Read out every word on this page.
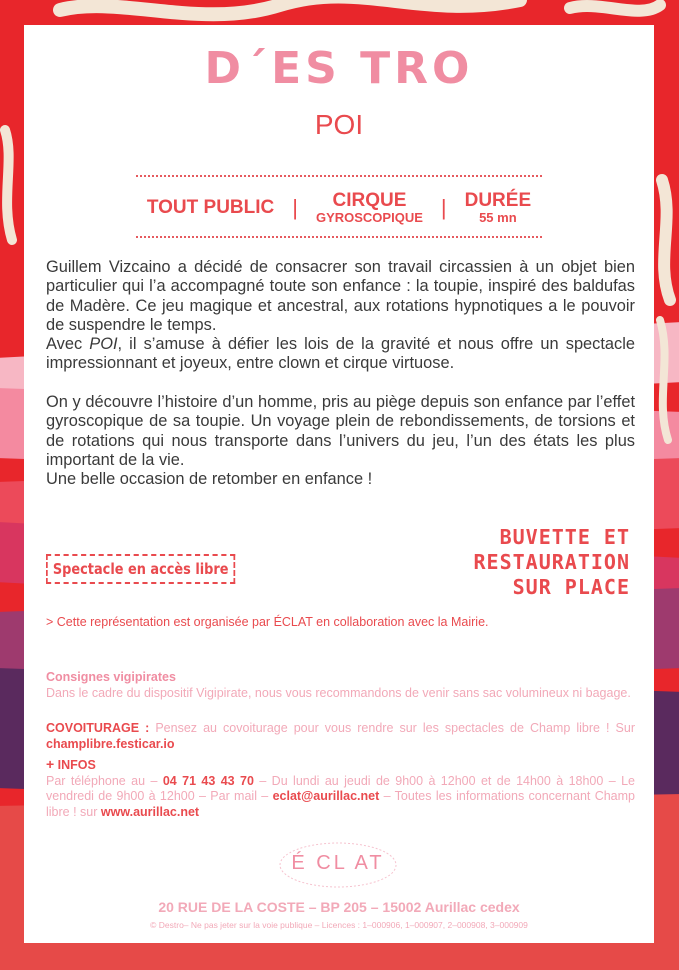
D´ES TRO
POI
TOUT PUBLIC |	CIRQUE
GYROSCOPIQUE | DURÉE
55 mn
Guillem Vizcaino a décidé de consacrer son travail circassien à un objet bien particulier qui l’a accompagné toute son enfance : la toupie, inspiré des baldufas de Madère. Ce jeu magique et ancestral, aux rotations hypnotiques a le pouvoir de suspendre le temps.
Avec POI, il s’amuse à défier les lois de la gravité et nous offre un spectacle impressionnant et joyeux, entre clown et cirque virtuose.
On y découvre l’histoire d’un homme, pris au piège depuis son enfance par l’effet gyroscopique de sa toupie. Un voyage plein de rebondissements, de torsions et de rotations qui nous transporte dans l’univers du jeu, l’un des états les plus important de la vie.
Une belle occasion de retomber en enfance !
Spectacle en accès libre
BUVETTE ET
RESTAURATION
SUR PLACE
> Cette représentation est organisée par ÉCLAT en collaboration avec la Mairie.
Consignes vigipirates
Dans le cadre du dispositif Vigipirate, nous vous recommandons de venir sans sac volumineux ni bagage.
COVOITURAGE : Pensez au covoiturage pour vous rendre sur les spectacles de Champ libre ! Sur champlibre.festicar.io
+ INFOS
Par téléphone au – 04 71 43 43 70 – Du lundi au jeudi de 9h00 à 12h00 et de 14h00 à 18h00 – Le vendredi de 9h00 à 12h00 – Par mail – eclat@aurillac.net – Toutes les informations concernant Champ libre ! sur www.aurillac.net
É CL AT
20 RUE DE LA COSTE – BP 205 – 15002 Aurillac cedex
© Destro– Ne pas jeter sur la voie publique – Licences : 1–000906, 1–000907, 2–000908, 3–000909
